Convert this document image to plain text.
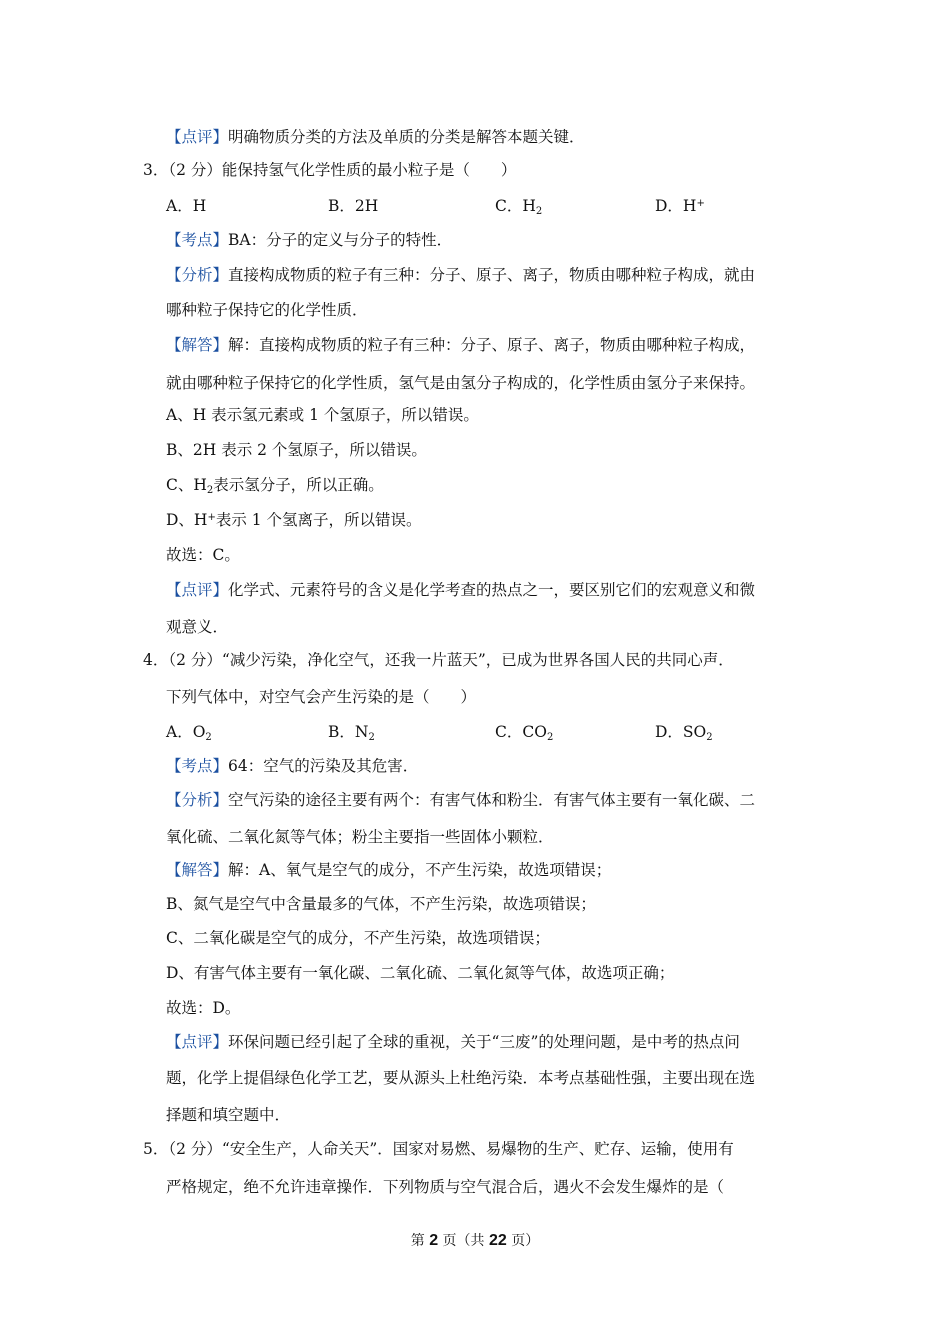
【点评】明确物质分类的方法及单质的分类是解答本题关键．
3．（2 分）能保持氢气化学性质的最小粒子是（　　）
A．H	B．2H	C．$H_2$	D．H+
【考点】BA：分子的定义与分子的特性．
【分析】直接构成物质的粒子有三种：分子、原子、离子，物质由哪种粒子构成，就由
哪种粒子保持它的化学性质．
【解答】解：直接构成物质的粒子有三种：分子、原子、离子，物质由哪种粒子构成，
就由哪种粒子保持它的化学性质，氢气是由氢分子构成的，化学性质由氢分子来保持。
A、H 表示氢元素或 1 个氢原子，所以错误。
B、2H 表示 2 个氢原子，所以错误。
C、$H_2$表示氢分子，所以正确。
D、H+表示 1 个氢离子，所以错误。
故选：C。
【点评】化学式、元素符号的含义是化学考查的热点之一，要区别它们的宏观意义和微
观意义．
4．（2 分）“减少污染，净化空气，还我一片蓝天”，已成为世界各国人民的共同心声．
下列气体中，对空气会产生污染的是（　　）
A．$O_2$	B．$N_2$	C．$CO_2$	D．$SO_2$
【考点】64：空气的污染及其危害．
【分析】空气污染的途径主要有两个：有害气体和粉尘．有害气体主要有一氧化碳、二
氧化硫、二氧化氮等气体；粉尘主要指一些固体小颗粒．
【解答】解：A、氧气是空气的成分，不产生污染，故选项错误；
B、氮气是空气中含量最多的气体，不产生污染，故选项错误；
C、二氧化碳是空气的成分，不产生污染，故选项错误；
D、有害气体主要有一氧化碳、二氧化硫、二氧化氮等气体，故选项正确；
故选：D。
【点评】环保问题已经引起了全球的重视，关于“三废”的处理问题，是中考的热点问
题，化学上提倡绿色化学工艺，要从源头上杜绝污染．本考点基础性强，主要出现在选
择题和填空题中．
5．（2 分）“安全生产，人命关天”．国家对易燃、易爆物的生产、贮存、运输，使用有
严格规定，绝不允许违章操作．下列物质与空气混合后，遇火不会发生爆炸的是（
第 2 页（共 22 页）
